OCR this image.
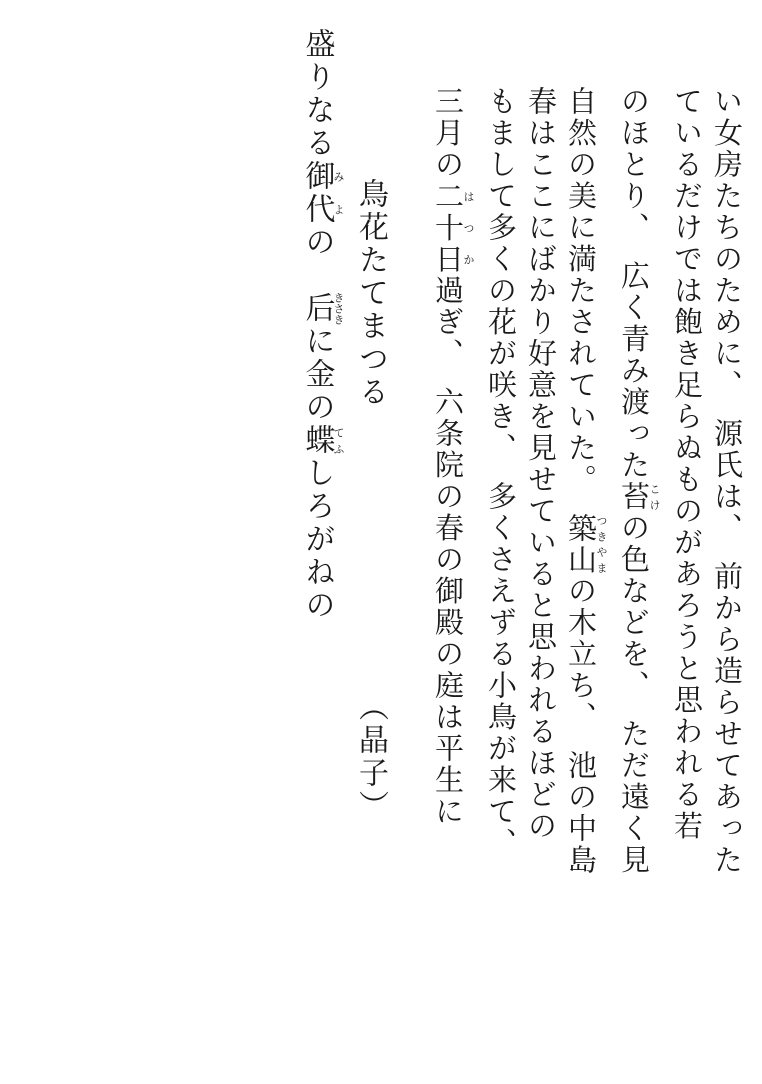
盛りなる御代みよの　后きさきに金の蝶てふしろがねの 鳥花たてまつる　　　　　　　　　（晶子）
三月の二十日 はつか過ぎ、　六条院の春の御殿の庭は平生に もまして多くの花が咲き、　多くさえずる小鳥が来て、 春はここにばかり好意を見せていると思われるほどの 自然の美に満たされていた。　築山 つきやまの木立ち、　池の中島
のほとり、　広く青み渡った苔 こけの色などを、　ただ遠く見 ているだけでは飽き足らぬものがあろうと思われる若 い女房たちのために、　源氏は、　前から造らせてあった
